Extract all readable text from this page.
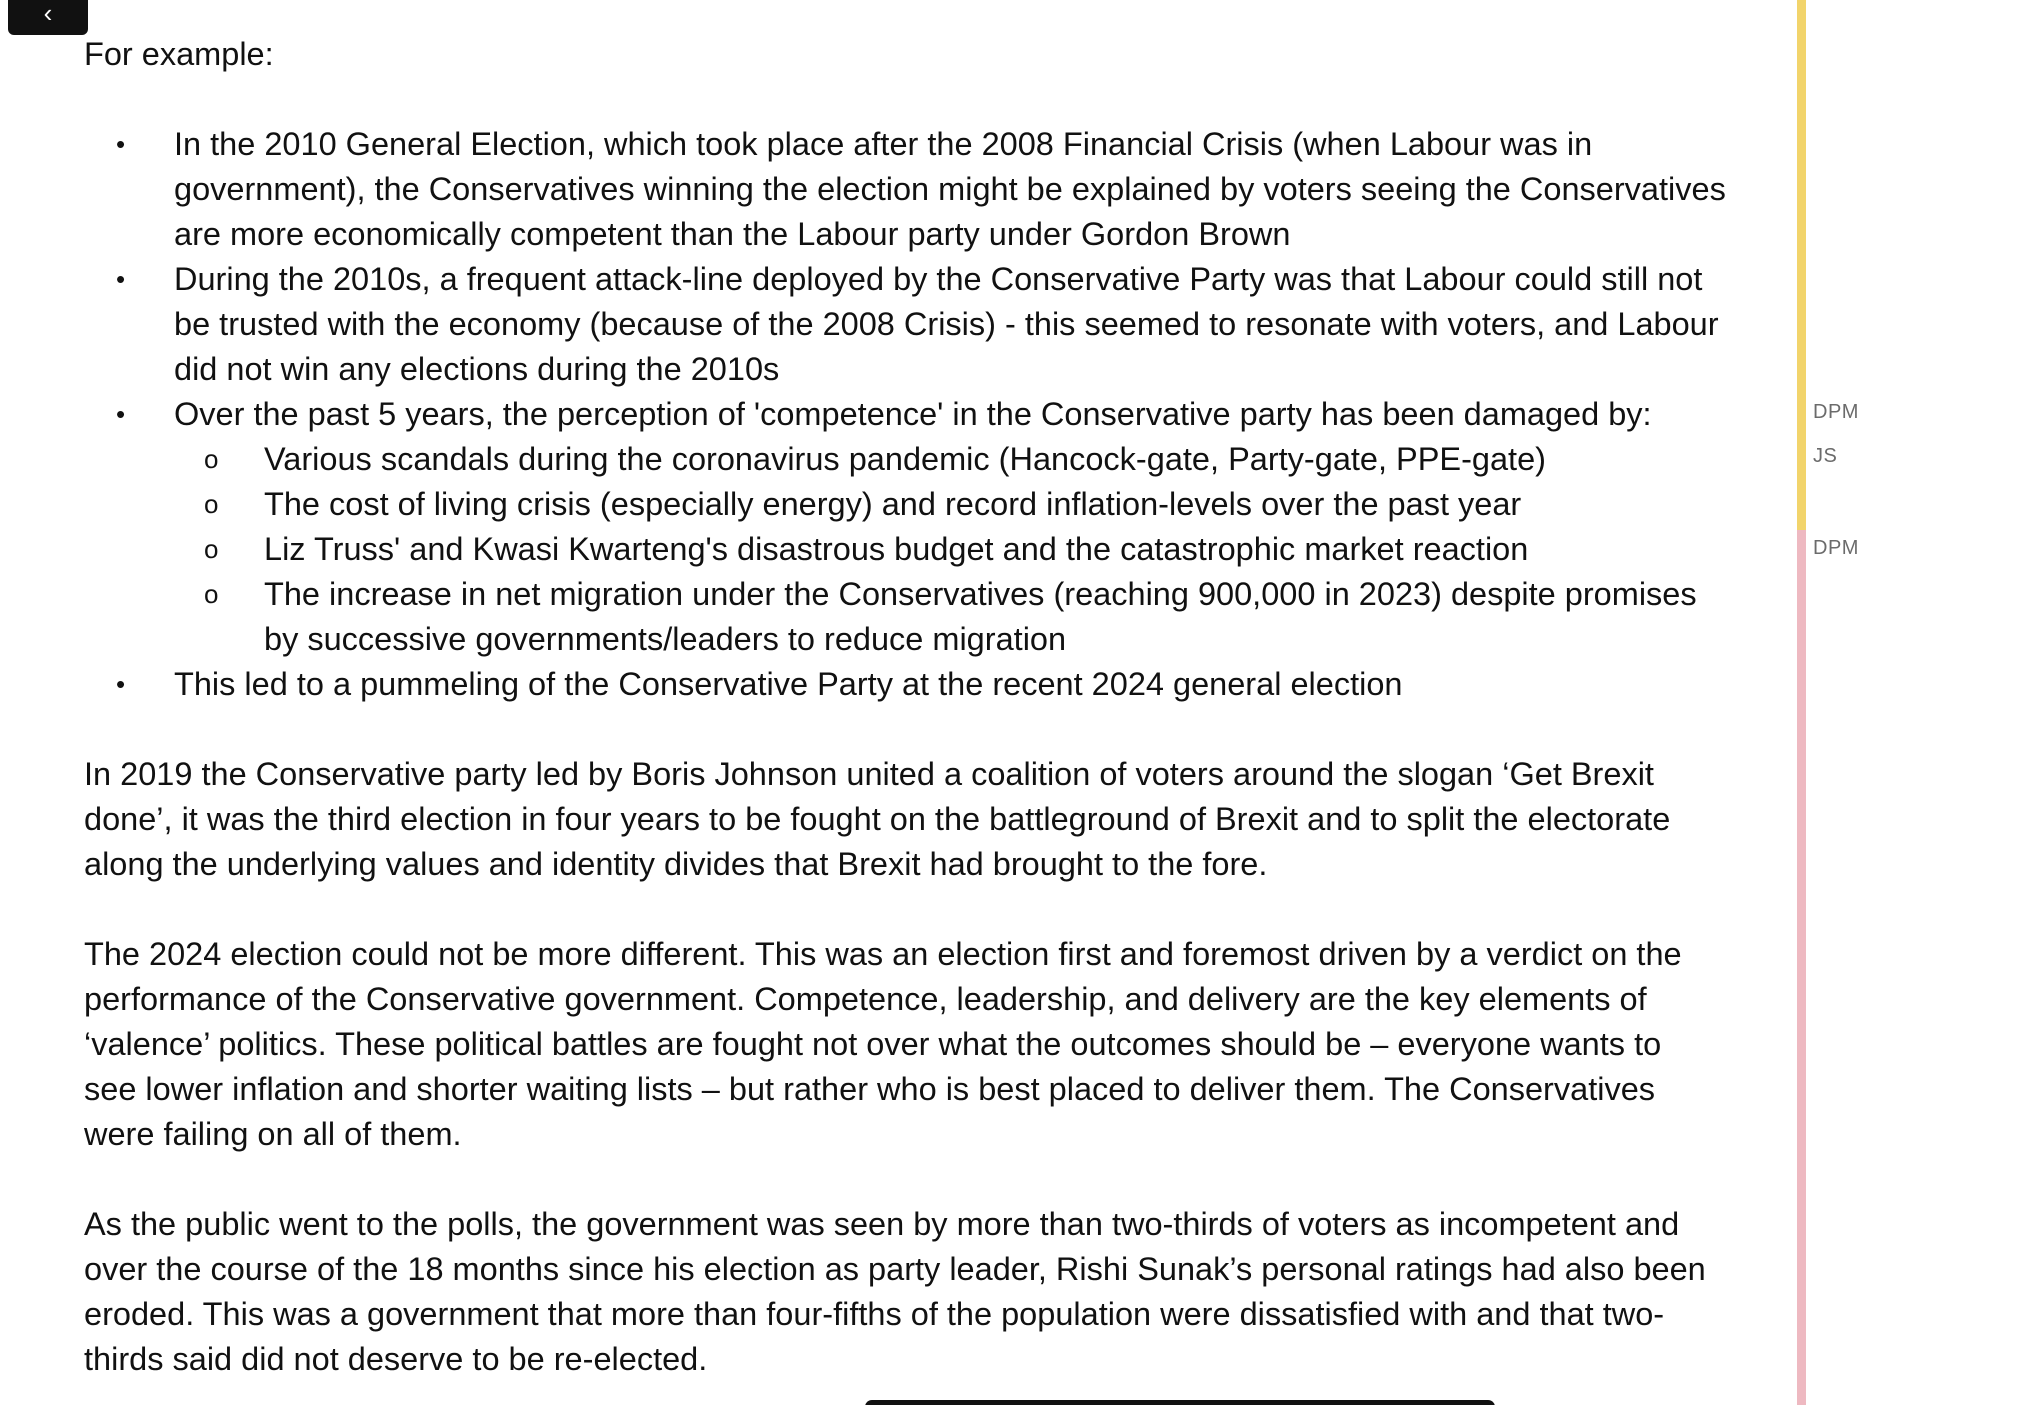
‹

For example:

• In the 2010 General Election, which took place after the 2008 Financial Crisis (when Labour was in
government), the Conservatives winning the election might be explained by voters seeing the Conservatives
are more economically competent than the Labour party under Gordon Brown
• During the 2010s, a frequent attack-line deployed by the Conservative Party was that Labour could still not
be trusted with the economy (because of the 2008 Crisis) - this seemed to resonate with voters, and Labour
did not win any elections during the 2010s
• Over the past 5 years, the perception of 'competence' in the Conservative party has been damaged by:
o Various scandals during the coronavirus pandemic (Hancock-gate, Party-gate, PPE-gate)
o The cost of living crisis (especially energy) and record inflation-levels over the past year
o Liz Truss' and Kwasi Kwarteng's disastrous budget and the catastrophic market reaction
o The increase in net migration under the Conservatives (reaching 900,000 in 2023) despite promises
by successive governments/leaders to reduce migration
• This led to a pummeling of the Conservative Party at the recent 2024 general election
In 2019 the Conservative party led by Boris Johnson united a coalition of voters around the slogan ‘Get Brexit
done’, it was the third election in four years to be fought on the battleground of Brexit and to split the electorate
along the underlying values and identity divides that Brexit had brought to the fore.
The 2024 election could not be more different. This was an election first and foremost driven by a verdict on the
performance of the Conservative government. Competence, leadership, and delivery are the key elements of
‘valence’ politics. These political battles are fought not over what the outcomes should be – everyone wants to
see lower inflation and shorter waiting lists – but rather who is best placed to deliver them. The Conservatives
were failing on all of them.
As the public went to the polls, the government was seen by more than two-thirds of voters as incompetent and
over the course of the 18 months since his election as party leader, Rishi Sunak’s personal ratings had also been
eroded. This was a government that more than four-fifths of the population were dissatisfied with and that two-
thirds said did not deserve to be re-elected.
DPM
JS
DPM
